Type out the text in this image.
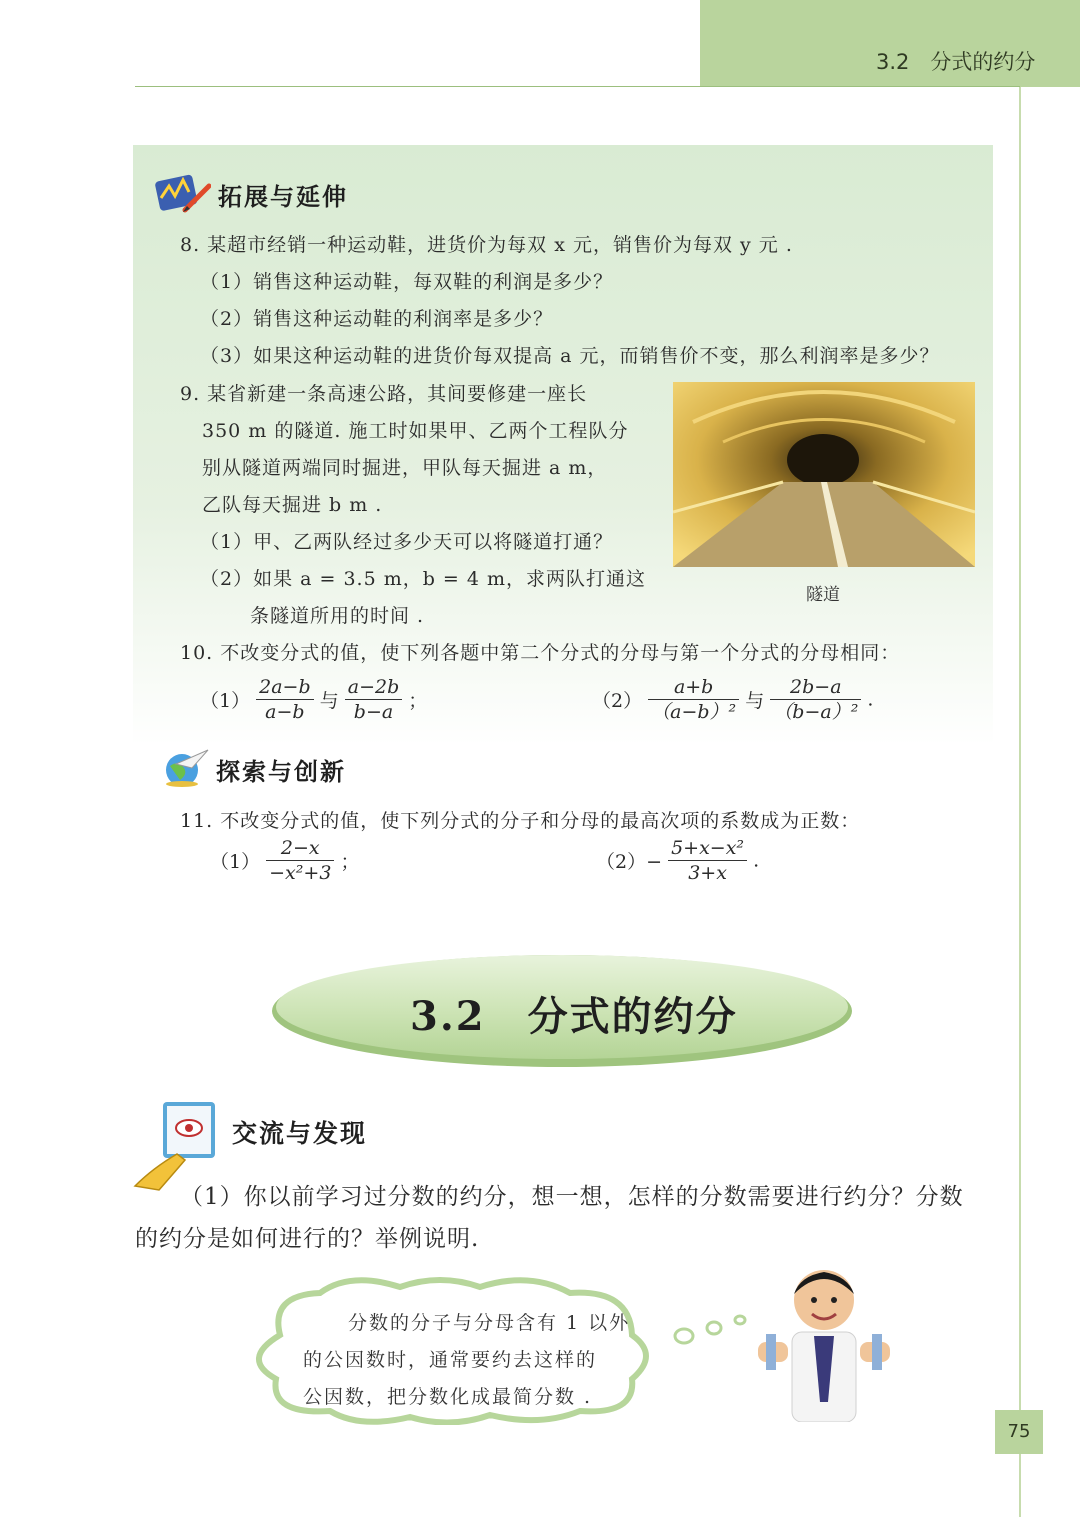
3.2　分式的约分
拓展与延伸
8. 某超市经销一种运动鞋，进货价为每双 x 元，销售价为每双 y 元 .
（1）销售这种运动鞋，每双鞋的利润是多少？
（2）销售这种运动鞋的利润率是多少？
（3）如果这种运动鞋的进货价每双提高 a 元，而销售价不变，那么利润率是多少？
9. 某省新建一条高速公路，其间要修建一座长
350 m 的隧道. 施工时如果甲、乙两个工程队分
别从隧道两端同时掘进，甲队每天掘进 a m，
乙队每天掘进 b m .
（1）甲、乙两队经过多少天可以将隧道打通？
（2）如果 a = 3.5 m，b = 4 m，求两队打通这
条隧道所用的时间 .
隧道
10. 不改变分式的值，使下列各题中第二个分式的分母与第一个分式的分母相同：
$(1) \frac{2a-b}{a-b}$ 与 $\frac{a-2b}{b-a}$ ；	$(2) \frac{a+b}{\text{（a−b）²}}$ 与 $\frac{2b-a}{\text{（b−a）²}}$ .
探索与创新
11. 不改变分式的值，使下列分式的分子和分母的最高次项的系数成为正数：
$(1) \frac{2-x}{\text{−x²+3}}$ ；	$(2)- \frac{\text{5+x−x²}}{3+x}$ .
3.2　分式的约分
交流与发现
（1）你以前学习过分数的约分，想一想，怎样的分数需要进行约分？分数
的约分是如何进行的？举例说明.
分数的分子与分母含有 1 以外
的公因数时，通常要约去这样的
公因数，把分数化成最简分数 .
75
